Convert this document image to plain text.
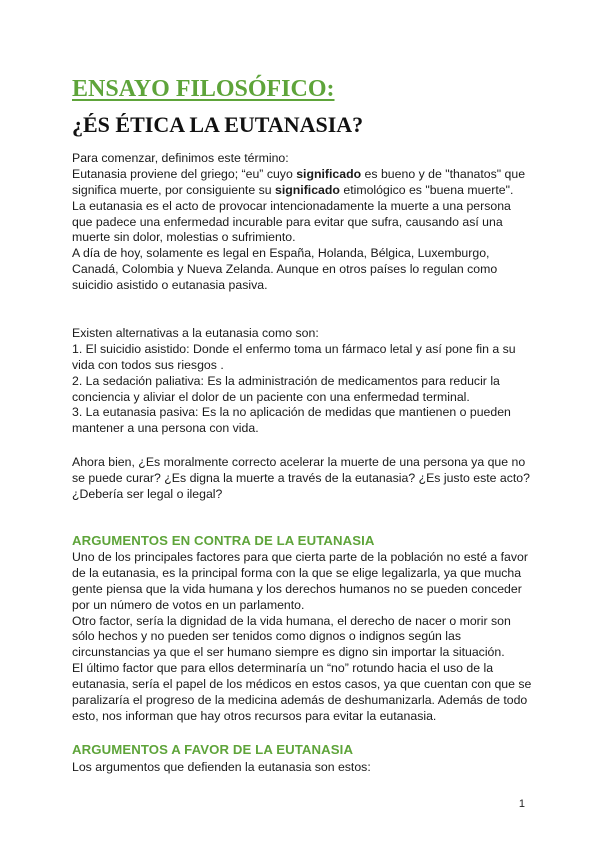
ENSAYO FILOSÓFICO:
¿ÉS ÉTICA LA EUTANASIA?
Para comenzar, definimos este término:
Eutanasia proviene del griego; “eu” cuyo significado es bueno y de "thanatos" que
significa muerte, por consiguiente su significado etimológico es "buena muerte".
La eutanasia es el acto de provocar intencionadamente la muerte a una persona
que padece una enfermedad incurable para evitar que sufra, causando así una
muerte sin dolor, molestias o sufrimiento.
A día de hoy, solamente es legal en España, Holanda, Bélgica, Luxemburgo,
Canadá, Colombia y Nueva Zelanda. Aunque en otros países lo regulan como
suicidio asistido o eutanasia pasiva.
Existen alternativas a la eutanasia como son:
1. El suicidio asistido: Donde el enfermo toma un fármaco letal y así pone fin a su
vida con todos sus riesgos .
2. La sedación paliativa: Es la administración de medicamentos para reducir la
conciencia y aliviar el dolor de un paciente con una enfermedad terminal.
3. La eutanasia pasiva: Es la no aplicación de medidas que mantienen o pueden
mantener a una persona con vida.
Ahora bien, ¿Es moralmente correcto acelerar la muerte de una persona ya que no
se puede curar? ¿Es digna la muerte a través de la eutanasia? ¿Es justo este acto?
¿Debería ser legal o ilegal?
ARGUMENTOS EN CONTRA DE LA EUTANASIA
Uno de los principales factores para que cierta parte de la población no esté a favor
de la eutanasia, es la principal forma con la que se elige legalizarla, ya que mucha
gente piensa que la vida humana y los derechos humanos no se pueden conceder
por un número de votos en un parlamento.
Otro factor, sería la dignidad de la vida humana, el derecho de nacer o morir son
sólo hechos y no pueden ser tenidos como dignos o indignos según las
circunstancias ya que el ser humano siempre es digno sin importar la situación.
El último factor que para ellos determinaría un “no” rotundo hacia el uso de la
eutanasia, sería el papel de los médicos en estos casos, ya que cuentan con que se
paralizaría el progreso de la medicina además de deshumanizarla. Además de todo
esto, nos informan que hay otros recursos para evitar la eutanasia.
ARGUMENTOS A FAVOR DE LA EUTANASIA
Los argumentos que defienden la eutanasia son estos:
1
